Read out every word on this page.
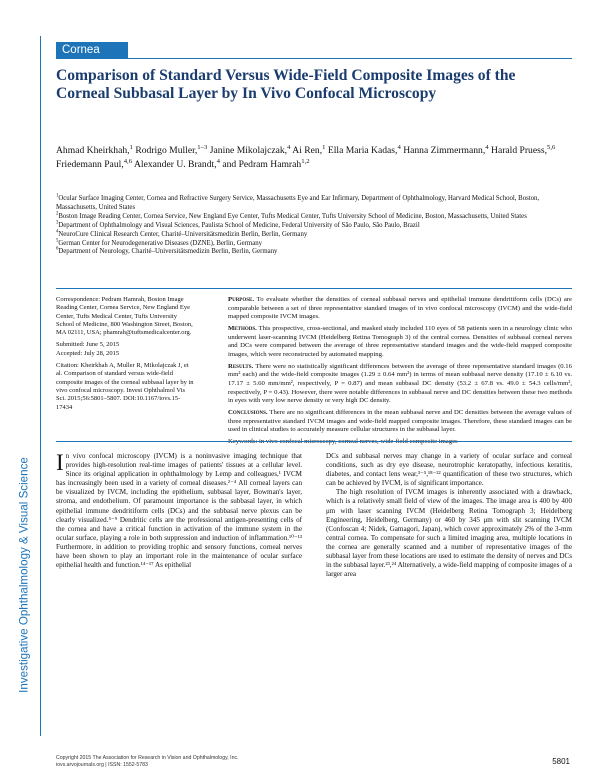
Cornea
Investigative Ophthalmology & Visual Science
Comparison of Standard Versus Wide-Field Composite Images of the Corneal Subbasal Layer by In Vivo Confocal Microscopy
Ahmad Kheirkhah,$^1$ Rodrigo Muller,$^{1-3}$ Janine Mikolajczak,$^4$ Ai Ren,$^1$ Ella Maria Kadas,$^4$ Hanna Zimmermann,$^4$ Harald Pruess,$^{5,6}$ Friedemann Paul,$^{4,6}$ Alexander U. Brandt,$^4$ and Pedram Hamrah$^{1,2}$
$^1$Ocular Surface Imaging Center, Cornea and Refractive Surgery Service, Massachusetts Eye and Ear Infirmary, Department of Ophthalmology, Harvard Medical School, Boston, Massachusetts, United States
$^2$Boston Image Reading Center, Cornea Service, New England Eye Center, Tufts Medical Center, Tufts University School of Medicine, Boston, Massachusetts, United States
$^3$Department of Ophthalmology and Visual Sciences, Paulista School of Medicine, Federal University of São Paulo, São Paulo, Brazil
$^4$NeuroCure Clinical Research Center, Charité–Universitätsmedizin Berlin, Berlin, Germany
$^5$German Center for Neurodegenerative Diseases (DZNE), Berlin, Germany
$^6$Department of Neurology, Charité–Universitätsmedizin Berlin, Berlin, Germany
Correspondence: Pedram Hamrah, Boston Image Reading Center, Cornea Service, New England Eye Center, Tufts Medical Center, Tufts University School of Medicine, 800 Washington Street, Boston, MA 02111, USA; phamrah@tuftsmedicalcenter.org.
Submitted: June 5, 2015
Accepted: July 28, 2015
Citation: Kheirkhah A, Muller R, Mikolajczak J, et al. Comparison of standard versus wide-field composite images of the corneal subbasal layer by in vivo confocal microscopy. Invest Ophthalmol Vis Sci. 2015;56:5801–5807. DOI:10.1167/iovs.15-17434

Purpose. To evaluate whether the densities of corneal subbasal nerves and epithelial immune dendritiform cells (DCs) are comparable between a set of three representative standard images of in vivo confocal microscopy (IVCM) and the wide-field mapped composite IVCM images.

Methods. This prospective, cross-sectional, and masked study included 110 eyes of 58 patients seen in a neurology clinic who underwent laser-scanning IVCM (Heidelberg Retina Tomograph 3) of the central cornea. Densities of subbasal corneal nerves and DCs were compared between the average of three representative standard images and the wide-field mapped composite images, which were reconstructed by automated mapping.

Results. There were no statistically significant differences between the average of three representative standard images (0.16 mm² each) and the wide-field composite images (1.29 ± 0.64 mm²) in terms of mean subbasal nerve density (17.10 ± 6.10 vs. 17.17 ± 5.60 mm/mm², respectively, P = 0.87) and mean subbasal DC density (53.2 ± 67.8 vs. 49.0 ± 54.3 cells/mm², respectively, P = 0.43). However, there were notable differences in subbasal nerve and DC densities between these two methods in eyes with very low nerve density or very high DC density.

Conclusions. There are no significant differences in the mean subbasal nerve and DC densities between the average values of three representative standard IVCM images and wide-field mapped composite images. Therefore, these standard images can be used in clinical studies to accurately measure cellular structures in the subbasal layer.

In vivo confocal microscopy (IVCM) is a noninvasive imaging technique that provides high-resolution real-time images of patients' tissues at a cellular level. Since its original application in ophthalmology by Lemp and colleagues,¹ IVCM has increasingly been used in a variety of corneal diseases.²⁻⁴ All corneal layers can be visualized by IVCM, including the epithelium, subbasal layer, Bowman's layer, stroma, and endothelium. Of paramount importance is the subbasal layer, in which epithelial immune dendritiform cells (DCs) and the subbasal nerve plexus can be clearly visualized.⁵⁻⁹ Dendritic cells are the professional antigen-presenting cells of the cornea and have a critical function in activation of the immune system in the ocular surface, playing a role in both suppression and induction of inflammation.¹⁰⁻¹³ Furthermore, in addition to providing trophic and sensory functions, corneal nerves have been shown to play an important role in the maintenance of ocular surface epithelial health and function.¹⁴⁻¹⁷ As epithelial

DCs and subbasal nerves may change in a variety of ocular surface and corneal conditions, such as dry eye disease, neurotrophic keratopathy, infectious keratitis, diabetes, and contact lens wear,³⁻⁵,¹⁸⁻²² quantification of these two structures, which can be achieved by IVCM, is of significant importance.

The high resolution of IVCM images is inherently associated with a drawback, which is a relatively small field of view of the images. The image area is 400 by 400 μm with laser scanning IVCM (Heidelberg Retina Tomograph 3; Heidelberg Engineering, Heidelberg, Germany) or 460 by 345 μm with slit scanning IVCM (Confoscan 4; Nidek, Gamagori, Japan), which cover approximately 2% of the 3-mm central cornea. To compensate for such a limited imaging area, multiple locations in the cornea are generally scanned and a number of representative images of the subbasal layer from these locations are used to estimate the density of nerves and DCs in the subbasal layer.²³,²⁴ Alternatively, a wide-field mapping of composite images of a larger area

Copyright 2015 The Association for Research in Vision and Ophthalmology, Inc.
iovs.arvojournals.org | ISSN: 1552-5783	5801
